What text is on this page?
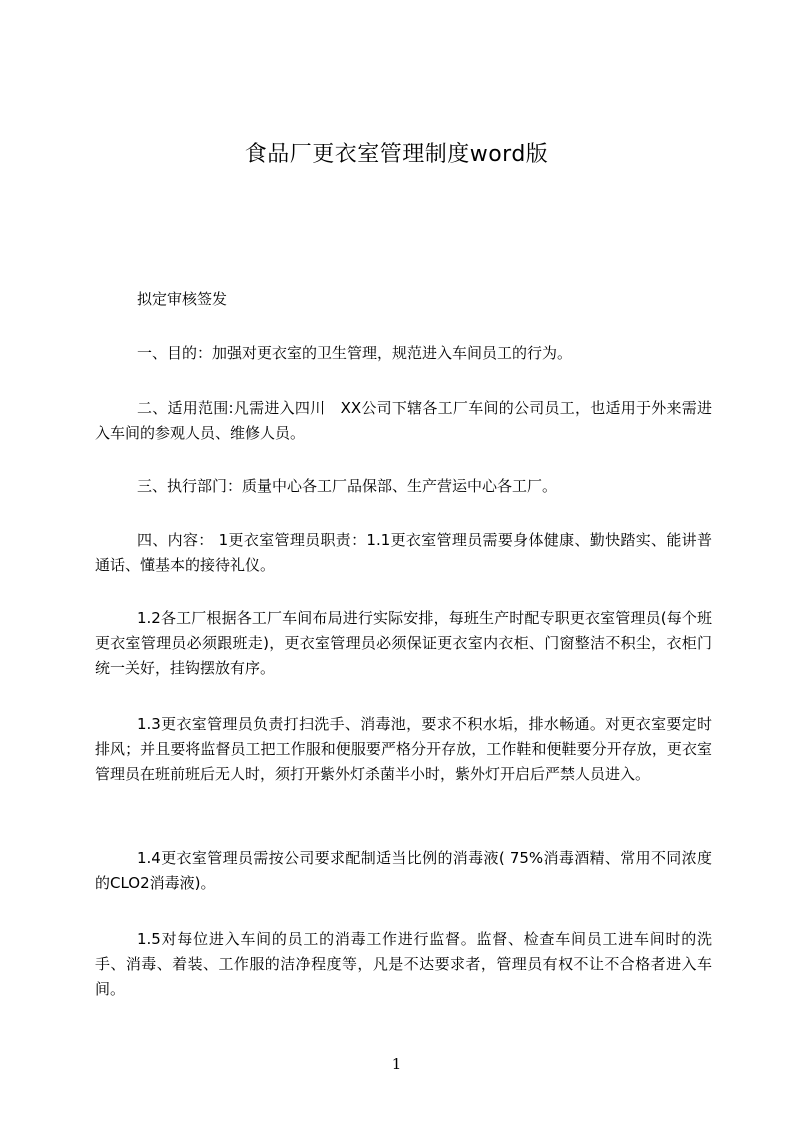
食品厂更衣室管理制度word版

拟定审核签发

一、目的：加强对更衣室的卫生管理，规范进入车间员工的行为。

二、适用范围:凡需进入四川　XX公司下辖各工厂车间的公司员工，也适用于外来需进入车间的参观人员、维修人员。

三、执行部门：质量中心各工厂品保部、生产营运中心各工厂。

四、内容： 1更衣室管理员职责：1.1更衣室管理员需要身体健康、勤快踏实、能讲普通话、懂基本的接待礼仪。

1.2各工厂根据各工厂车间布局进行实际安排，每班生产时配专职更衣室管理员(每个班更衣室管理员必须跟班走)，更衣室管理员必须保证更衣室内衣柜、门窗整洁不积尘，衣柜门统一关好，挂钩摆放有序。

1.3更衣室管理员负责打扫洗手、消毒池，要求不积水垢，排水畅通。对更衣室要定时排风；并且要将监督员工把工作服和便服要严格分开存放，工作鞋和便鞋要分开存放，更衣室管理员在班前班后无人时，须打开紫外灯杀菌半小时，紫外灯开启后严禁人员进入。

1.4更衣室管理员需按公司要求配制适当比例的消毒液( 75%消毒酒精、常用不同浓度的CLO2消毒液)。

1.5对每位进入车间的员工的消毒工作进行监督。监督、检查车间员工进车间时的洗手、消毒、着装、工作服的洁净程度等，凡是不达要求者，管理员有权不让不合格者进入车间。

1
